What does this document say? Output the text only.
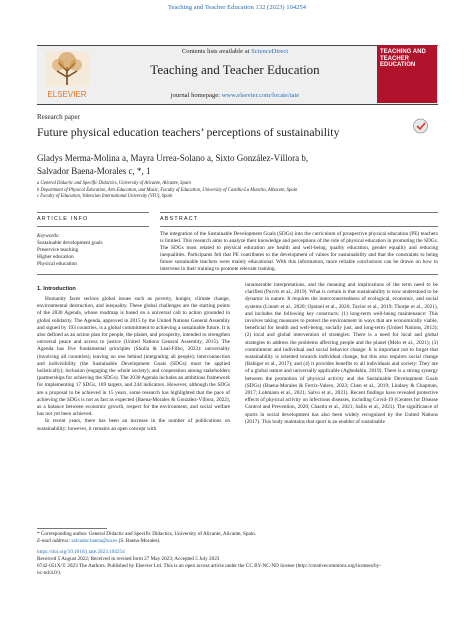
Teaching and Teacher Education 132 (2023) 104254
ELSEVIER
Contents lists available at ScienceDirect
Teaching and Teacher Education
journal homepage: www.elsevier.com/locate/tate
TEACHING AND TEACHER EDUCATION
Research paper
Future physical education teachers’ perceptions of sustainability
Gladys Merma-Molina a, Mayra Urrea-Solano a, Sixto González-Víllora b,
Salvador Baena-Morales c, *, 1
a General Didactic and Specific Didactics, University of Alicante, Alicante, Spain
b Department of Physical Education, Arts Education, and Music, Faculty of Education, University of Castilla-La Mancha, Albacete, Spain
c Faculty of Education, Valencian International University (VIU), Spain
ARTICLE INFO	ABSTRACT
Keywords:
Sustainable development goals
Preservice teaching
Higher education
Physical education
The integration of the Sustainable Development Goals (SDGs) into the curriculum of prospective physical education (PE) teachers is limited. This research aims to analyze their knowledge and perceptions of the role of physical education in promoting the SDGs. The SDGs most related to physical education are health and well-being, quality education, gender equality and reducing inequalities. Participants felt that PE contributes to the development of values for sustainability and that the constraints to being future sustainable teachers were mainly educational. With this information, more reliable conclusions can be drawn on how to intervene in their training to promote relevant training.
1. Introduction

Humanity faces serious global issues such as poverty, hunger, climate change, environmental destruction, and inequality. These global challenges are the starting points of the 2030 Agenda, whose roadmap is based on a universal call to action grounded in global solidarity. The Agenda, approved in 2015 by the United Nations General Assembly and signed by 193 countries, is a global commitment to achieving a sustainable future. It is also defined as an action plan for people, the planet, and prosperity, intended to strengthen universal peace and access to justice (United Nations General Assembly, 2015). The Agenda has five fundamental principles (Shulla & Leal-Filho, 2023): universality (involving all countries); leaving no one behind (integrating all people); interconnection and indivisibility (the Sustainable Development Goals (SDGs) must be applied holistically); inclusion (engaging the whole society); and cooperation among stakeholders (partnerships for achieving the SDGs). The 2030 Agenda includes an ambitious framework for implementing 17 SDGs, 169 targets, and 244 indicators. However, although the SDGs are a proposal to be achieved in 15 years, some research has highlighted that the pace of achieving the SDGs is not as fast as expected (Baena-Morales & González-Víllora, 2022), as a balance between economic growth, respect for the environment, and social welfare has not yet been achieved.

In recent years, there has been an increase in the number of publications on sustainability; however, it remains an open concept with

innumerable interpretations, and the meaning and implications of the term need to be clarified (Purvis et al., 2019). What is certain is that sustainability is now understood to be dynamic in nature. It requires the interconnectedness of ecological, economic, and social systems (Linnér et al., 2020; Opstoel et al., 2020; Taylor et al., 2019; Thorpe et al., 2021), and includes the following key constructs: (1) long-term well-being maintenance: This involves taking measures to protect the environment in ways that are economically viable, beneficial for health and well-being, socially just, and long-term (United Nations, 2012); (2) local and global intervention of strategies: There is a need for local and global strategies to address the problems affecting people and the planet (Melo et al., 2021); (3) commitment and individual and social behavior change: It is important not to forget that sustainability is oriented towards individual change, but this also requires social change (Babiger et al., 2017); and (4) it provides benefits to all individuals and society: They are of a global nature and universally applicable (Agbedahin, 2019). There is a strong synergy between the promotion of physical activity and the Sustainable Development Goals (SDGs) (Baena-Morales & Ferriz-Valero, 2023; Chen et al., 2019; Lindsey & Chapman, 2017; Lohmann et al., 2021; Salvo et al., 2021). Recent findings have revealed protective effects of physical activity on infectious diseases, including Covid-19 (Centers for Disease Control and Prevention, 2020; Chastin et al., 2021; Sallis et al., 2021). The significance of sports in social development has also been widely recognized by the United Nations (2017). This body maintains that sport is an enabler of sustainable

* Corresponding author. General Didactic and Specific Didactics, University of Alicante, Alicante, Spain.
E-mail address: salvador.baena@ua.es (S. Baena-Morales).
https://doi.org/10.1016/j.tate.2023.104254
Received 5 August 2022; Received in revised form 27 May 2023; Accepted 5 July 2023
0742-051X/© 2023 The Authors. Published by Elsevier Ltd. This is an open access article under the CC BY-NC-ND license (http://creativecommons.org/licenses/by-
nc-nd/4.0/).
